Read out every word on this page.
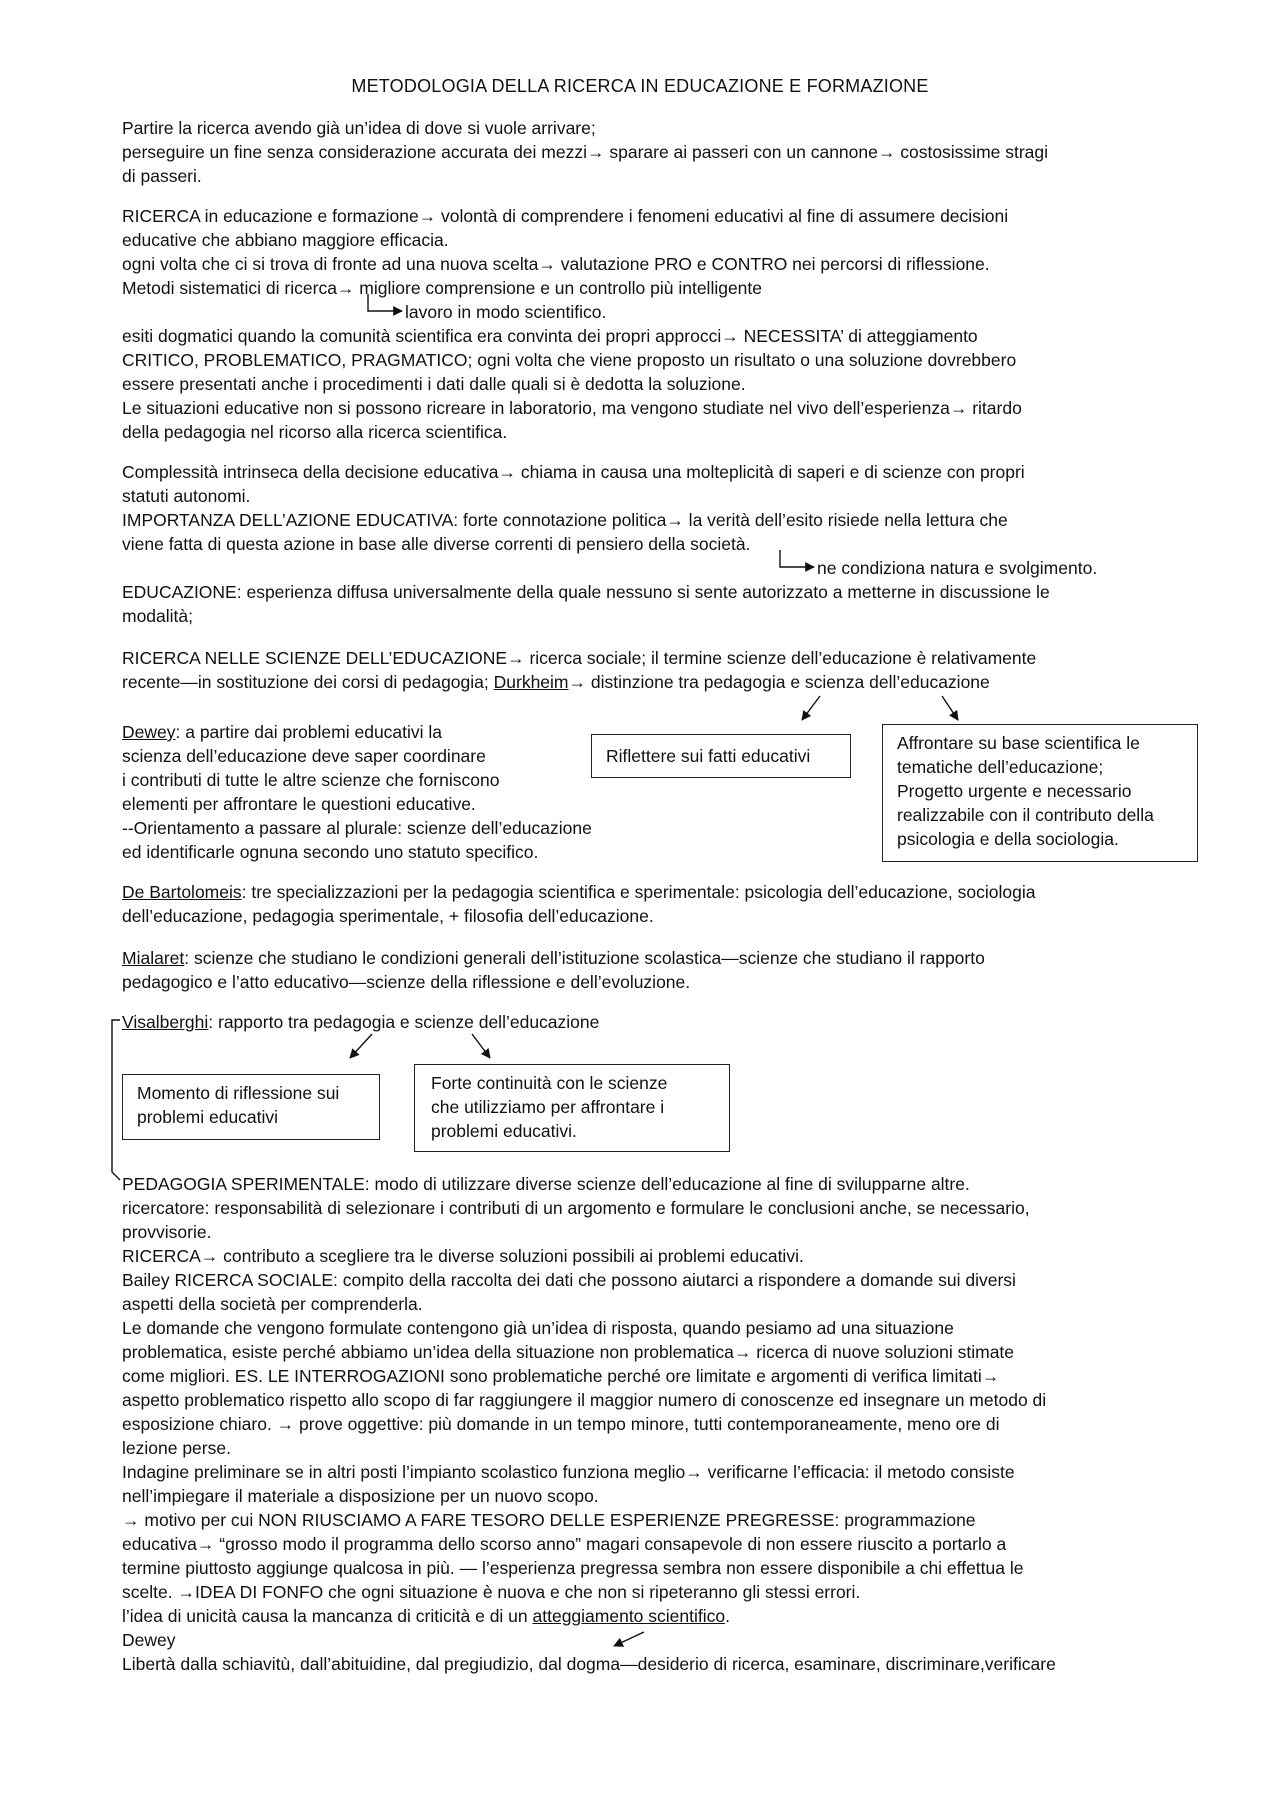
METODOLOGIA DELLA RICERCA IN EDUCAZIONE E FORMAZIONE
Partire la ricerca avendo già un’idea di dove si vuole arrivare;
perseguire un fine senza considerazione accurata dei mezzi→ sparare ai passeri con un cannone→ costosissime stragi
di passeri.
RICERCA in educazione e formazione→ volontà di comprendere i fenomeni educativi al fine di assumere decisioni
educative che abbiano maggiore efficacia.
ogni volta che ci si trova di fronte ad una nuova scelta→ valutazione PRO e CONTRO nei percorsi di riflessione.
Metodi sistematici di ricerca→ migliore comprensione e un controllo più intelligente
lavoro in modo scientifico.
esiti dogmatici quando la comunità scientifica era convinta dei propri approcci→ NECESSITA’ di atteggiamento
CRITICO, PROBLEMATICO, PRAGMATICO; ogni volta che viene proposto un risultato o una soluzione dovrebbero
essere presentati anche i procedimenti i dati dalle quali si è dedotta la soluzione.
Le situazioni educative non si possono ricreare in laboratorio, ma vengono studiate nel vivo dell’esperienza→ ritardo
della pedagogia nel ricorso alla ricerca scientifica.
Complessità intrinseca della decisione educativa→ chiama in causa una molteplicità di saperi e di scienze con propri
statuti autonomi.
IMPORTANZA DELL’AZIONE EDUCATIVA: forte connotazione politica→ la verità dell’esito risiede nella lettura che
viene fatta di questa azione in base alle diverse correnti di pensiero della società.
ne condiziona natura e svolgimento.
EDUCAZIONE: esperienza diffusa universalmente della quale nessuno si sente autorizzato a metterne in discussione le
modalità;
RICERCA NELLE SCIENZE DELL’EDUCAZIONE→ ricerca sociale; il termine scienze dell’educazione è relativamente
recente—in sostituzione dei corsi di pedagogia; Durkheim→ distinzione tra pedagogia e scienza dell’educazione
Dewey: a partire dai problemi educativi la
scienza dell’educazione deve saper coordinare
i contributi di tutte le altre scienze che forniscono
elementi per affrontare le questioni educative.
--Orientamento a passare al plurale: scienze dell’educazione
ed identificarle ognuna secondo uno statuto specifico.
Riflettere sui fatti educativi
Affrontare su base scientifica le
tematiche dell’educazione;
Progetto urgente e necessario
realizzabile con il contributo della
psicologia e della sociologia.
De Bartolomeis: tre specializzazioni per la pedagogia scientifica e sperimentale: psicologia dell’educazione, sociologia
dell’educazione, pedagogia sperimentale, + filosofia dell’educazione.
Mialaret: scienze che studiano le condizioni generali dell’istituzione scolastica—scienze che studiano il rapporto
pedagogico e l’atto educativo—scienze della riflessione e dell’evoluzione.
Visalberghi: rapporto tra pedagogia e scienze dell’educazione
Momento di riflessione sui
problemi educativi
Forte continuità con le scienze
che utilizziamo per affrontare i
problemi educativi.
PEDAGOGIA SPERIMENTALE: modo di utilizzare diverse scienze dell’educazione al fine di svilupparne altre.
ricercatore: responsabilità di selezionare i contributi di un argomento e formulare le conclusioni anche, se necessario,
provvisorie.
RICERCA→ contributo a scegliere tra le diverse soluzioni possibili ai problemi educativi.
Bailey RICERCA SOCIALE: compito della raccolta dei dati che possono aiutarci a rispondere a domande sui diversi
aspetti della società per comprenderla.
Le domande che vengono formulate contengono già un’idea di risposta, quando pesiamo ad una situazione
problematica, esiste perché abbiamo un’idea della situazione non problematica→ ricerca di nuove soluzioni stimate
come migliori. ES. LE INTERROGAZIONI sono problematiche perché ore limitate e argomenti di verifica limitati→
aspetto problematico rispetto allo scopo di far raggiungere il maggior numero di conoscenze ed insegnare un metodo di
esposizione chiaro. → prove oggettive: più domande in un tempo minore, tutti contemporaneamente, meno ore di
lezione perse.
Indagine preliminare se in altri posti l’impianto scolastico funziona meglio→ verificarne l’efficacia: il metodo consiste
nell’impiegare il materiale a disposizione per un nuovo scopo.
→ motivo per cui NON RIUSCIAMO A FARE TESORO DELLE ESPERIENZE PREGRESSE: programmazione
educativa→ “grosso modo il programma dello scorso anno” magari consapevole di non essere riuscito a portarlo a
termine piuttosto aggiunge qualcosa in più. — l’esperienza pregressa sembra non essere disponibile a chi effettua le
scelte. →IDEA DI FONFO che ogni situazione è nuova e che non si ripeteranno gli stessi errori.
l’idea di unicità causa la mancanza di criticità e di un atteggiamento scientifico.
Dewey
Libertà dalla schiavitù, dall’abituidine, dal pregiudizio, dal dogma—desiderio di ricerca, esaminare, discriminare,verificare
